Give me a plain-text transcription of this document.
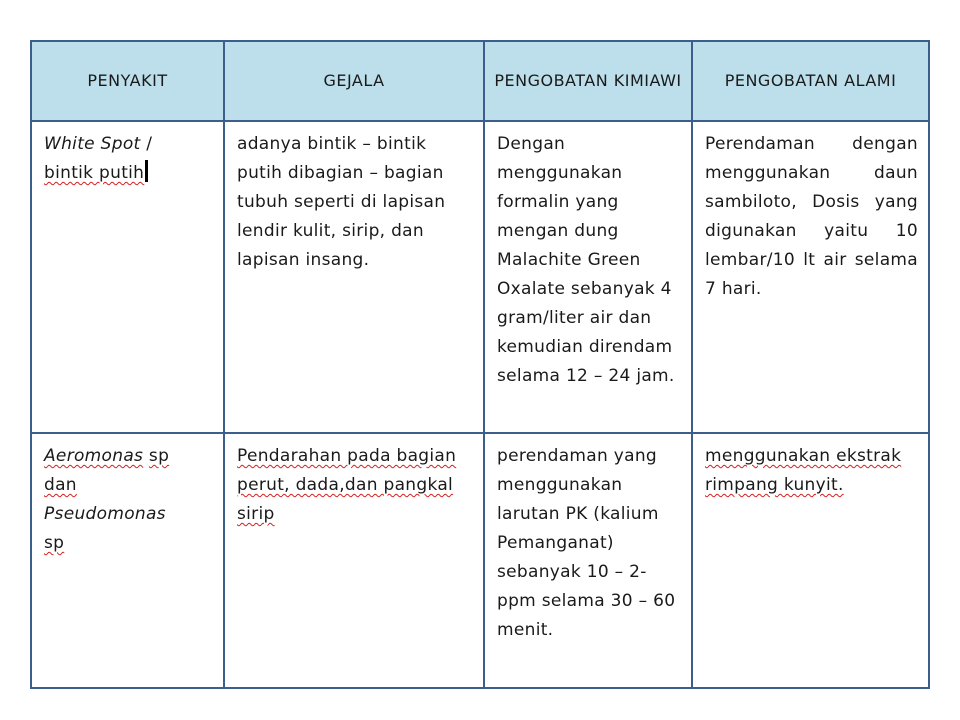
PENYAKIT	GEJALA	PENGOBATAN KIMIAWI	PENGOBATAN ALAMI
White Spot /
bintik putih	adanya bintik – bintik putih dibagian – bagian tubuh seperti di lapisan lendir kulit, sirip, dan lapisan insang.	Dengan menggunakan formalin yang mengan dung Malachite Green Oxalate sebanyak 4 gram/liter air dan kemudian direndam selama 12 – 24 jam.	Perendaman dengan menggunakan daun sambiloto, Dosis yang digunakan yaitu 10 lembar/10 lt air selama 7 hari.
Aeromonas sp
dan
Pseudomonas
sp	Pendarahan pada bagian perut, dada,dan pangkal sirip	perendaman yang menggunakan larutan PK (kalium Pemanganat) sebanyak 10 – 2-ppm selama 30 – 60 menit.	menggunakan ekstrak rimpang kunyit.
